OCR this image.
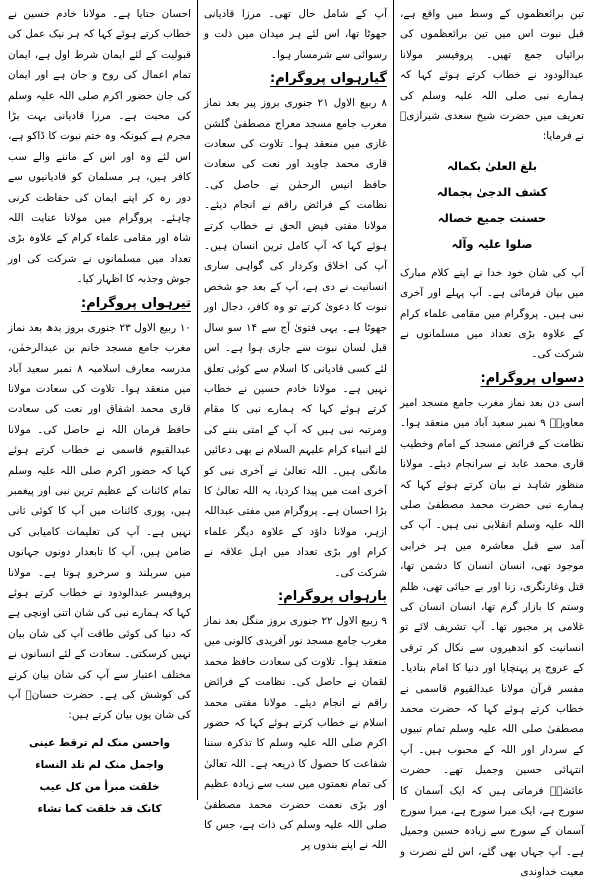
تین برائعظموں کے وسط میں واقع ہے، قبل نبوت اس میں تین برائعظموں کی برائیاں جمع تھیں۔ پروفیسر مولانا عبدالودود نے خطاب کرتے ہوئے کہا کہ ہمارے نبی صلی اللہ علیہ وسلم کی تعریف میں حضرت شیخ سعدی شیرازیؒ نے فرمایا:

بلغ العلیٰ بکمالہ
کشف الدجیٰ بجمالہ
حسنت جمیع خصالہ
صلوا علیہ وآلہ

آپ کی شان خود خدا نے اپنے کلام مبارک میں بیان فرمائی ہے۔ آپ پہلے اور آخری نبی ہیں۔ پروگرام میں مقامی علماء کرام کے علاوہ بڑی تعداد میں مسلمانوں نے شرکت کی۔

دسواں پروگرام:

اسی دن بعد نماز مغرب جامع مسجد امیر معاویہؓ ۹ نمبر سعید آباد میں منعقد ہوا۔ نظامت کے فرائض مسجد کے امام وخطیب قاری محمد عابد نے سرانجام دیئے۔ مولانا منظور شاہد نے بیان کرتے ہوئے کہا کہ ہمارے نبی حضرت محمد مصطفیٰ صلی اللہ علیہ وسلم انقلابی نبی ہیں۔ آپ کی آمد سے قبل معاشرہ میں ہر خرابی موجود تھی، انسان انسان کا دشمن تھا، قتل وغارتگری، زنا اور بے حیائی تھی، ظلم وستم کا بازار گرم تھا، انسان انسان کی غلامی پر مجبور تھا۔ آپ تشریف لائے تو انسانیت کو اندھیروں سے نکال کر ترقی کے عروج پر پہنچایا اور دنیا کا امام بنادیا۔ مفسر قرآن مولانا عبدالقیوم قاسمی نے خطاب کرتے ہوئے کہا کہ حضرت محمد مصطفیٰ صلی اللہ علیہ وسلم تمام نبیوں کے سردار اور اللہ کے محبوب ہیں۔ آپ انتہائی حسین وجمیل تھے۔ حضرت عائشہؓ فرماتی ہیں کہ ایک آسمان کا سورج ہے، ایک میرا سورج ہے، میرا سورج آسمان کے سورج سے زیادہ حسین وجمیل ہے۔ آپ جہاں بھی گئے، اس لئے نصرت و معیت خداوندی

آپ کے شامل حال تھی۔ مرزا قادیانی جھوٹا تھا، اس لئے ہر میدان میں ذلت و رسوائی سے شرمسار ہوا۔

گیارہواں پروگرام:

۸ ربیع الاول ۲۱ جنوری بروز پیر بعد نماز مغرب جامع مسجد معراج مصطفیٰ گلشن غازی میں منعقد ہوا۔ تلاوت کی سعادت قاری محمد جاوید اور نعت کی سعادت حافظ انیس الرحمٰن نے حاصل کی۔ نظامت کے فرائض راقم نے انجام دیئے۔ مولانا مفتی فیض الحق نے خطاب کرتے ہوئے کہا کہ آپ کامل ترین انسان ہیں۔ آپ کی اخلاق وکردار کی گواہی ساری انسانیت نے دی ہے، آپ کے بعد جو شخص نبوت کا دعویٰ کرتے تو وہ کافر، دجال اور جھوٹا ہے۔ یہی فتویٰ آج سے ۱۴ سو سال قبل لسان نبوت سے جاری ہوا ہے۔ اس لئے کسی قادیانی کا اسلام سے کوئی تعلق نہیں ہے۔ مولانا خادم حسین نے خطاب کرتے ہوئے کہا کہ ہمارے نبی کا مقام ومرتبہ نبی ہیں کہ آپ کے امتی بننے کی لئے انبیاء کرام علیہم السلام نے بھی دعائیں مانگی ہیں۔ اللہ تعالیٰ نے آخری نبی کو آخری امت میں پیدا کردیا، یہ اللہ تعالیٰ کا بڑا احسان ہے۔ پروگرام میں مفتی عبداللہ ازہر، مولانا داؤد کے علاوہ دیگر علماء کرام اور بڑی تعداد میں اہل علاقہ نے شرکت کی۔

بارہواں پروگرام:

۹ ربیع الاول ۲۲ جنوری بروز منگل بعد نماز مغرب جامع مسجد نور آفریدی کالونی میں منعقد ہوا۔ تلاوت کی سعادت حافظ محمد لقمان نے حاصل کی۔ نظامت کے فرائض راقم نے انجام دیئے۔ مولانا مفتی محمد اسلام نے خطاب کرتے ہوئے کہا کہ حضور اکرم صلی اللہ علیہ وسلم کا تذکرہ سننا شفاعت کا حصول کا ذریعہ ہے۔ اللہ تعالیٰ کی تمام نعمتوں میں سب سے زیادہ عظیم اور بڑی نعمت حضرت محمد مصطفیٰ صلی اللہ علیہ وسلم کی ذات ہے، جس کا اللہ نے اپنے بندوں پر

احسان جتایا ہے۔ مولانا خادم حسین نے خطاب کرتے ہوئے کہا کہ ہر نیک عمل کی قبولیت کے لئے ایمان شرط اول ہے، ایمان تمام اعمال کی روح و جان ہے اور ایمان کی جان حضور اکرم صلی اللہ علیہ وسلم کی محبت ہے۔ مرزا قادیانی بہت بڑا مجرم ہے کیونکہ وہ ختم نبوت کا ڈاکو ہے، اس لئے وہ اور اس کے ماننے والے سب کافر ہیں، ہر مسلمان کو قادیانیوں سے دور رہ کر اپنے ایمان کی حفاظت کرنی چاہئے۔ پروگرام میں مولانا عنایت اللہ شاہ اور مقامی علماء کرام کے علاوہ بڑی تعداد میں مسلمانوں نے شرکت کی اور جوش وجذبہ کا اظہار کیا۔

تیرہواں پروگرام:

۱۰ ربیع الاول ۲۳ جنوری بروز بدھ بعد نماز مغرب جامع مسجد خانم بن عبدالرحمٰن، مدرسہ معارف اسلامیہ ۸ نمبر سعید آباد میں منعقد ہوا۔ تلاوت کی سعادت مولانا قاری محمد اشفاق اور نعت کی سعادت حافظ فرمان اللہ نے حاصل کی۔ مولانا عبدالقیوم قاسمی نے خطاب کرتے ہوئے کہا کہ حضور اکرم صلی اللہ علیہ وسلم تمام کائنات کے عظیم ترین نبی اور پیغمبر ہیں، پوری کائنات میں آپ کا کوئی ثانی نہیں ہے۔ آپ کی تعلیمات کامیابی کی ضامن ہیں، آپ کا تابعدار دونوں جہانوں میں سربلند و سرخرو ہوتا ہے۔ مولانا پروفیسر عبدالودود نے خطاب کرتے ہوئے کہا کہ ہمارے نبی کی شان اتنی اونچی ہے کہ دنیا کی کوئی طاقت آپ کی شان بیان نہیں کرسکتی۔ سعادت کے لئے انسانوں نے مختلف اعتبار سے آپ کی شان بیان کرنے کی کوشش کی ہے۔ حضرت حسانؓ آپ کی شان یوں بیان کرتے ہیں:

واحسن منک لم ترقط عینی
واجمل منک لم تلد النساء
خلقت مبرأ من کل عیب
کانک قد خلقت کما تشاء
